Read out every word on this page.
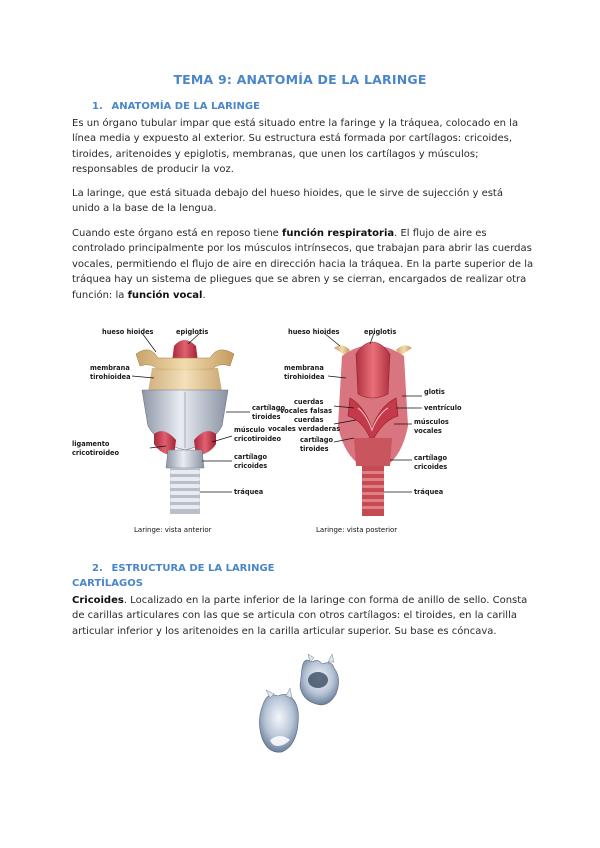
TEMA 9: ANATOMÍA DE LA LARINGE
1. ANATOMÍA DE LA LARINGE
Es un órgano tubular impar que está situado entre la faringe y la tráquea, colocado en la línea media y expuesto al exterior. Su estructura está formada por cartílagos: cricoides, tiroides, aritenoides y epiglotis, membranas, que unen los cartílagos y músculos; responsables de producir la voz.
La laringe, que está situada debajo del hueso hioides, que le sirve de sujección y está unido a la base de la lengua.
Cuando este órgano está en reposo tiene función respiratoria. El flujo de aire es controlado principalmente por los músculos intrínsecos, que trabajan para abrir las cuerdas vocales, permitiendo el flujo de aire en dirección hacia la tráquea. En la parte superior de la tráquea hay un sistema de pliegues que se abren y se cierran, encargados de realizar otra función: la función vocal.
hueso hioides	epiglotis
membrana
tirohioidea
cartílago
tiroides
ligamento
cricotiroideo
músculo
cricotiroideo
cartílago
cricoides
tráquea
Laringe: vista anterior
hueso hioides	epiglotis
membrana
tirohioidea
glotis
ventrículo
cuerdas
vocales falsas
cuerdas
vocales verdaderas
cartílago
tiroides
músculos
vocales
cartílago
cricoides
tráquea
Laringe: vista posterior
2. ESTRUCTURA DE LA LARINGE
CARTÍLAGOS
Cricoides. Localizado en la parte inferior de la laringe con forma de anillo de sello. Consta de carillas articulares con las que se articula con otros cartílagos: el tiroides, en la carilla articular inferior y los aritenoides en la carilla articular superior. Su base es cóncava.
